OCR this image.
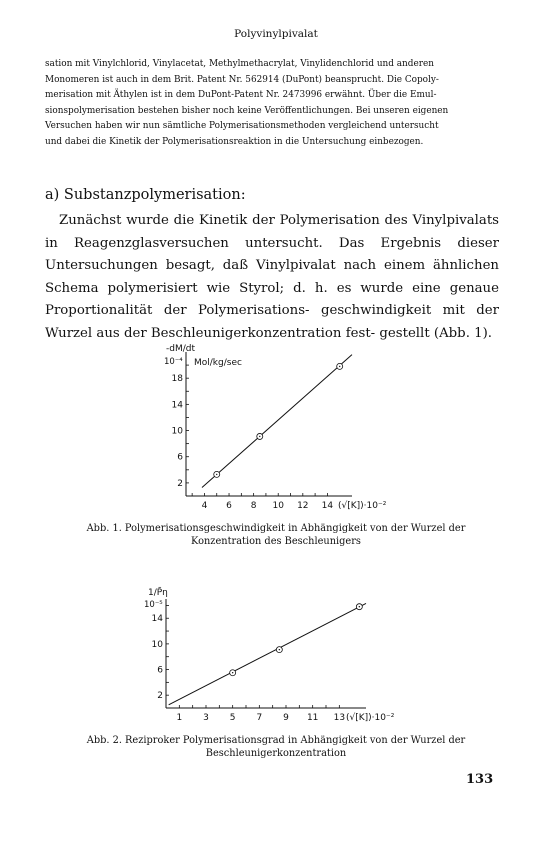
Polyvinylpivalat
sation mit Vinylchlorid, Vinylacetat, Methylmethacrylat, Vinylidenchlorid und anderen
Monomeren ist auch in dem Brit. Patent Nr. 562914 (DuPont) beansprucht. Die Copoly-
merisation mit Äthylen ist in dem DuPont-Patent Nr. 2473996 erwähnt. Über die Emul-
sionspolymerisation bestehen bisher noch keine Veröffentlichungen. Bei unseren eigenen
Versuchen haben wir nun sämtliche Polymerisationsmethoden vergleichend untersucht
und dabei die Kinetik der Polymerisationsreaktion in die Untersuchung einbezogen.
a) Substanzpolymerisation:
Zunächst wurde die Kinetik der Polymerisation des Vinylpivalats in Reagenzglasversuchen untersucht. Das Ergebnis dieser Untersuchungen besagt, daß Vinylpivalat nach einem ähnlichen Schema polymerisiert wie Styrol; d. h. es wurde eine genaue Proportionalität der Polymerisations- geschwindigkeit mit der Wurzel aus der Beschleunigerkonzentration fest- gestellt (Abb. 1).
4 6 8 10 12 14
2
6
10
14
18
-dM/dt
10⁻⁴ Mol/kg/sec
(√[K])·10⁻²
Abb. 1. Polymerisationsgeschwindigkeit in Abhängigkeit von der Wurzel der
Konzentration des Beschleunigers
1 3 5 7 9 11 13
2
6
10
14
1/P̄η
10⁻⁵
(√[K])·10⁻²
Abb. 2. Reziproker Polymerisationsgrad in Abhängigkeit von der Wurzel der
Beschleunigerkonzentration
133
